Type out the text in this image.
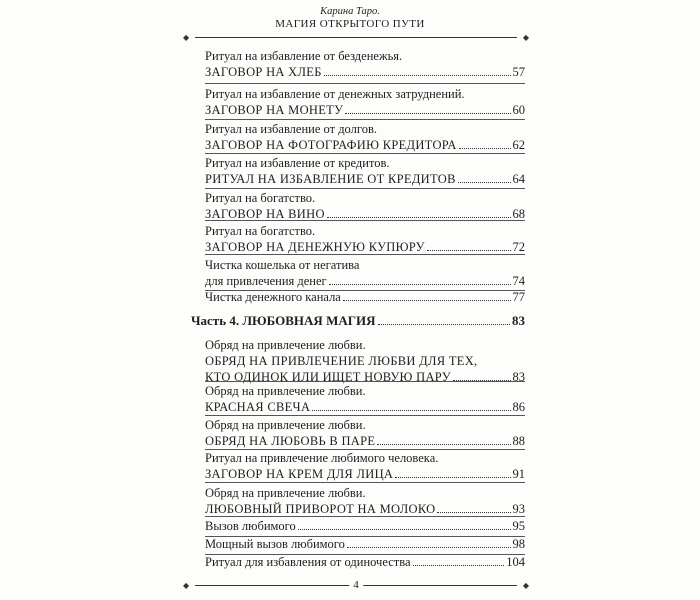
Карина Таро.
МАГИЯ ОТКРЫТОГО ПУТИ
◆	◆
Ритуал на избавление от безденежья.
ЗАГОВОР НА ХЛЕБ	57
Ритуал на избавление от денежных затруднений.
ЗАГОВОР НА МОНЕТУ	60
Ритуал на избавление от долгов.
ЗАГОВОР НА ФОТОГРАФИЮ КРЕДИТОРА	62
Ритуал на избавление от кредитов.
РИТУАЛ НА ИЗБАВЛЕНИЕ ОТ КРЕДИТОВ	64
Ритуал на богатство.
ЗАГОВОР НА ВИНО	68
Ритуал на богатство.
ЗАГОВОР НА ДЕНЕЖНУЮ КУПЮРУ	72
Чистка кошелька от негатива
для привлечения денег	74
Чистка денежного канала	77
Часть 4. ЛЮБОВНАЯ МАГИЯ	83
Обряд на привлечение любви.
ОБРЯД НА ПРИВЛЕЧЕНИЕ ЛЮБВИ ДЛЯ ТЕХ,
КТО ОДИНОК ИЛИ ИЩЕТ НОВУЮ ПАРУ	83
Обряд на привлечение любви.
КРАСНАЯ СВЕЧА	86
Обряд на привлечение любви.
ОБРЯД НА ЛЮБОВЬ В ПАРЕ	88
Ритуал на привлечение любимого человека.
ЗАГОВОР НА КРЕМ ДЛЯ ЛИЦА	91
Обряд на привлечение любви.
ЛЮБОВНЫЙ ПРИВОРОТ НА МОЛОКО	93
Вызов любимого	95
Мощный вызов любимого	98
Ритуал для избавления от одиночества	104
◆	4	◆
